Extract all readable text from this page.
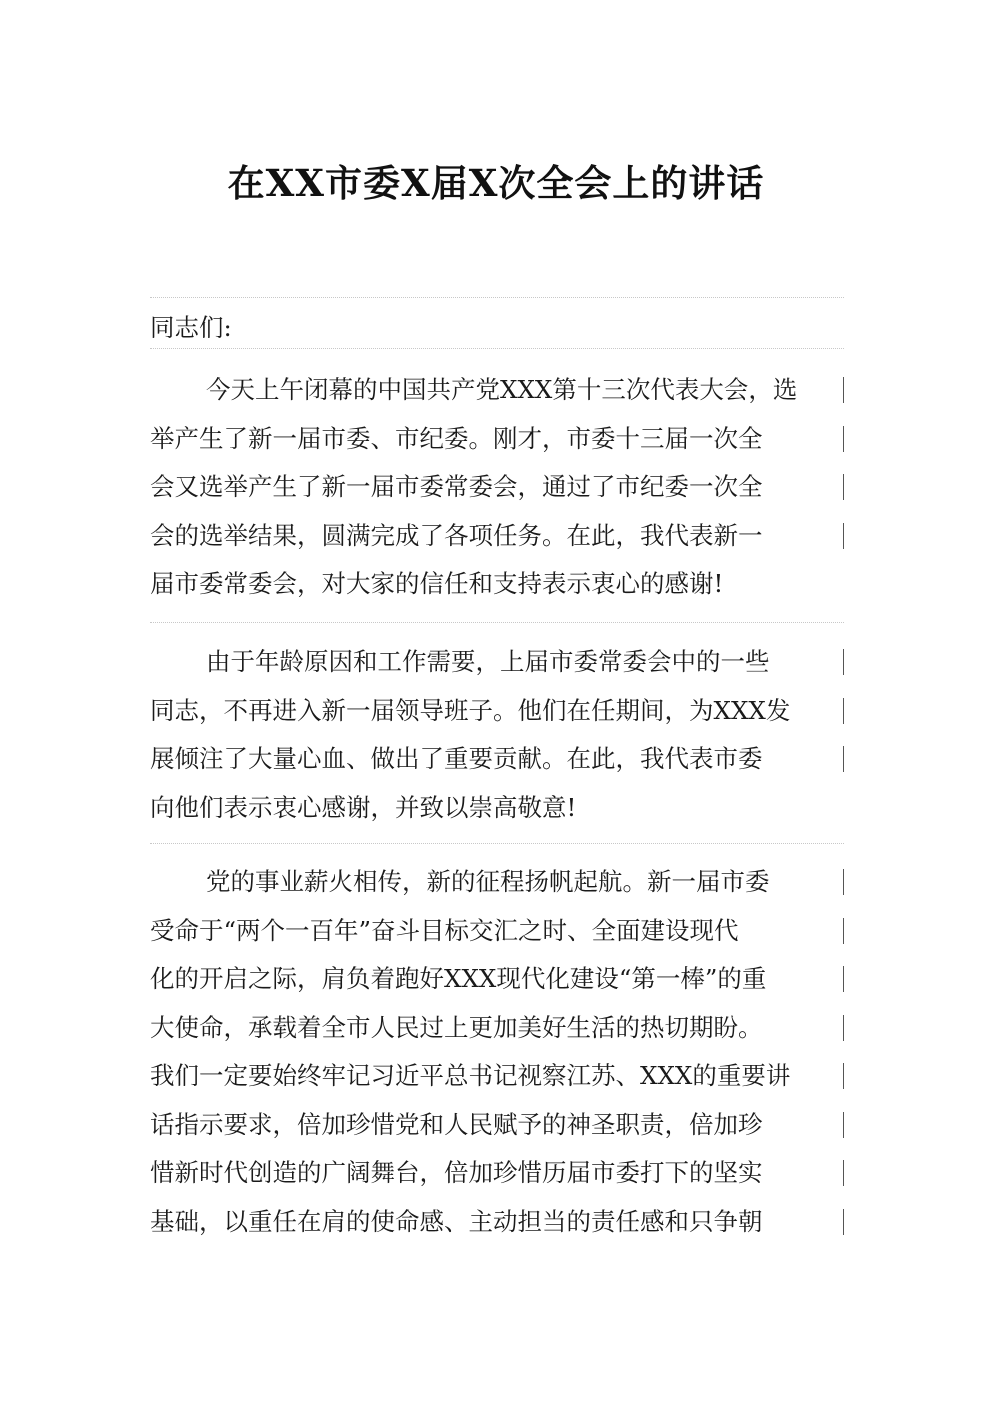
在XX市委X届X次全会上的讲话
同志们:
今天上午闭幕的中国共产党XXX第十三次代表大会，选
举产生了新一届市委、市纪委。刚才，市委十三届一次全
会又选举产生了新一届市委常委会，通过了市纪委一次全
会的选举结果，圆满完成了各项任务。在此，我代表新一
届市委常委会，对大家的信任和支持表示衷心的感谢!
由于年龄原因和工作需要，上届市委常委会中的一些
同志，不再进入新一届领导班子。他们在任期间，为XXX发
展倾注了大量心血、做出了重要贡献。在此，我代表市委
向他们表示衷心感谢，并致以崇高敬意!
党的事业薪火相传，新的征程扬帆起航。新一届市委
受命于“两个一百年”奋斗目标交汇之时、全面建设现代
化的开启之际，肩负着跑好XXX现代化建设“第一棒”的重
大使命，承载着全市人民过上更加美好生活的热切期盼。
我们一定要始终牢记习近平总书记视察江苏、XXX的重要讲
话指示要求，倍加珍惜党和人民赋予的神圣职责，倍加珍
惜新时代创造的广阔舞台，倍加珍惜历届市委打下的坚实
基础，以重任在肩的使命感、主动担当的责任感和只争朝
